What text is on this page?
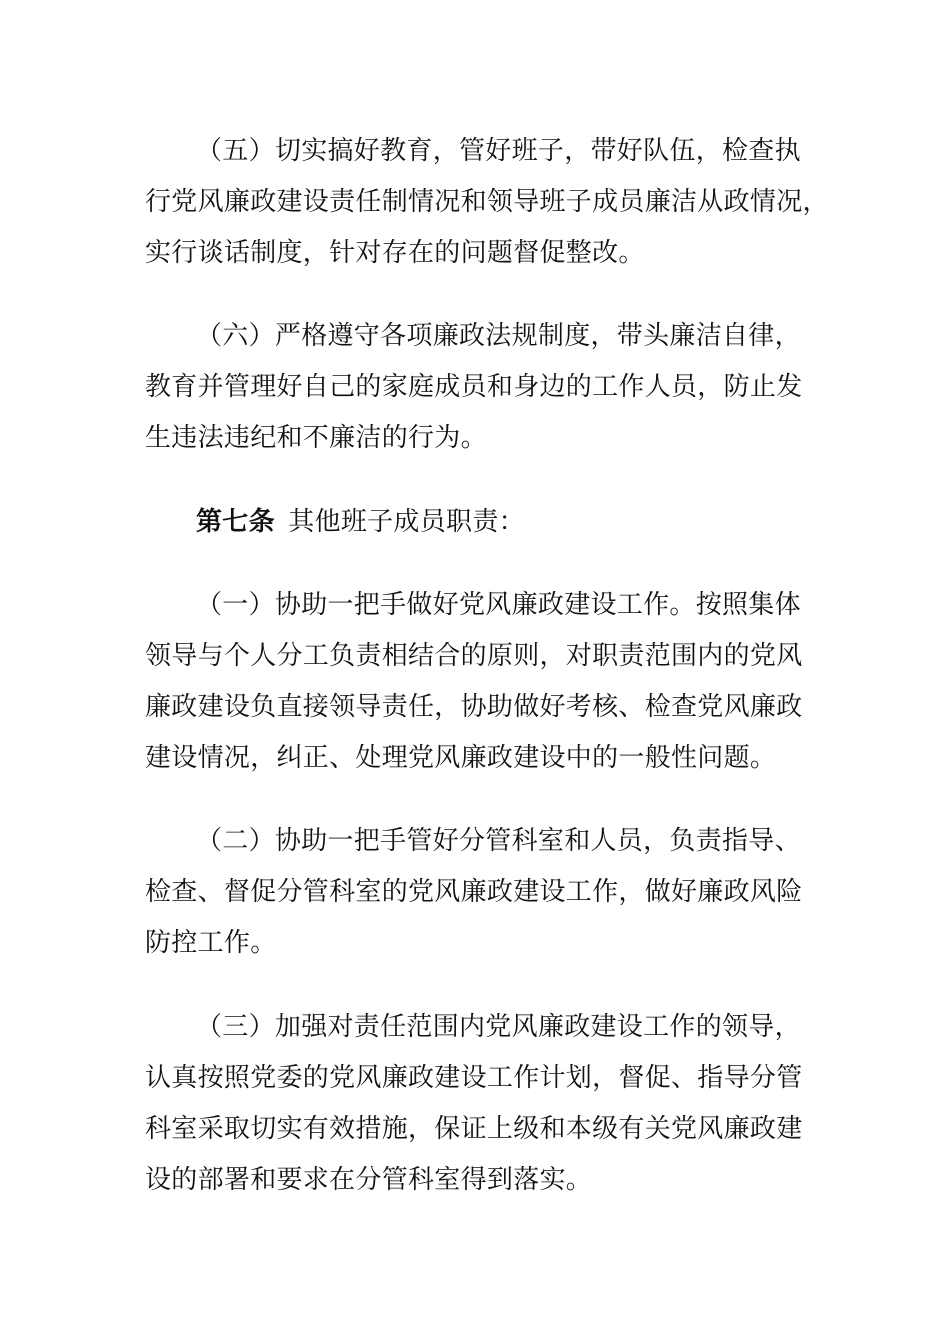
（五）切实搞好教育，管好班子，带好队伍，检查执
行党风廉政建设责任制情况和领导班子成员廉洁从政情况，
实行谈话制度，针对存在的问题督促整改。

（六）严格遵守各项廉政法规制度，带头廉洁自律，
教育并管理好自己的家庭成员和身边的工作人员，防止发
生违法违纪和不廉洁的行为。

第七条  其他班子成员职责：

（一）协助一把手做好党风廉政建设工作。按照集体
领导与个人分工负责相结合的原则，对职责范围内的党风
廉政建设负直接领导责任，协助做好考核、检查党风廉政
建设情况，纠正、处理党风廉政建设中的一般性问题。

（二）协助一把手管好分管科室和人员，负责指导、
检查、督促分管科室的党风廉政建设工作，做好廉政风险
防控工作。

（三）加强对责任范围内党风廉政建设工作的领导，
认真按照党委的党风廉政建设工作计划，督促、指导分管
科室采取切实有效措施，保证上级和本级有关党风廉政建
设的部署和要求在分管科室得到落实。
